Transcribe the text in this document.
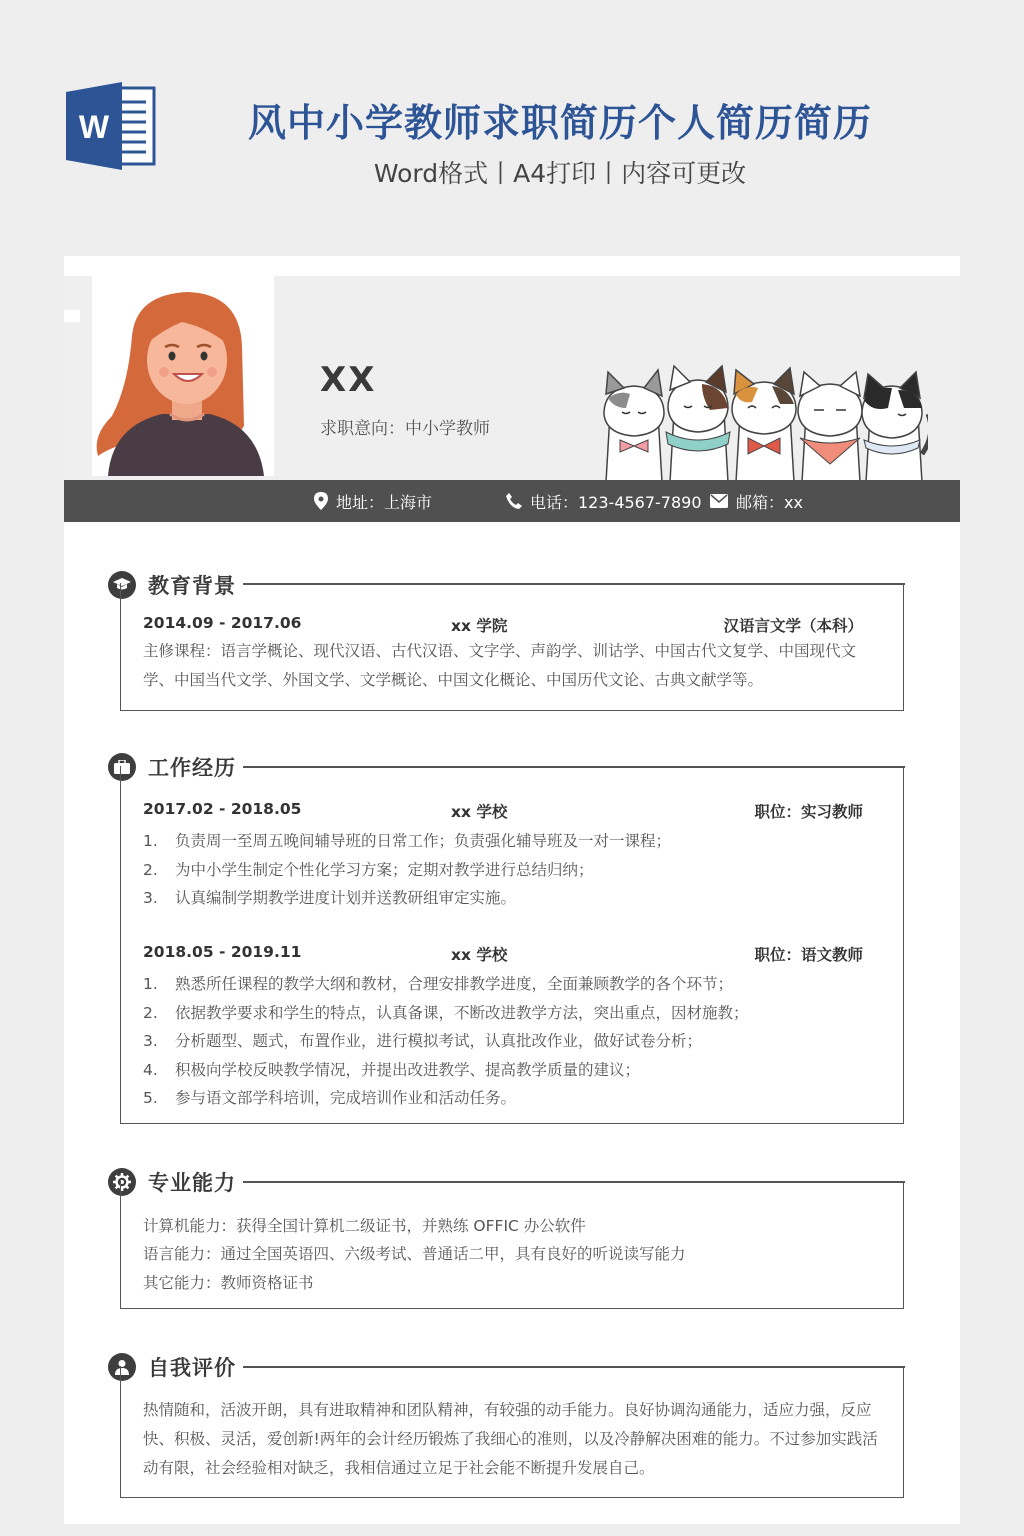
W	风中小学教师求职简历个人简历简历
Word格式丨A4打印丨内容可更改
XX
求职意向：中小学教师
地址：上海市	电话：123-4567-7890 邮箱：xx
教育背景
2014.09 - 2017.06	xx 学院	汉语言文学（本科）
主修课程：语言学概论、现代汉语、古代汉语、文字学、声韵学、训诂学、中国古代文复学、中国现代文学、中国当代文学、外国文学、文学概论、中国文化概论、中国历代文论、古典文献学等。
工作经历
2017.02 - 2018.05	xx 学校	职位：实习教师
1. 负责周一至周五晚间辅导班的日常工作；负责强化辅导班及一对一课程；
2. 为中小学生制定个性化学习方案；定期对教学进行总结归纳；
3. 认真编制学期教学进度计划并送教研组审定实施。
2018.05 - 2019.11	xx 学校	职位：语文教师
1. 熟悉所任课程的教学大纲和教材，合理安排教学进度，全面兼顾教学的各个环节；
2. 依据教学要求和学生的特点，认真备课，不断改进教学方法，突出重点，因材施教；
3. 分析题型、题式，布置作业，进行模拟考试，认真批改作业，做好试卷分析；
4. 积极向学校反映教学情况，并提出改进教学、提高教学质量的建议；
5. 参与语文部学科培训，完成培训作业和活动任务。
专业能力
计算机能力：获得全国计算机二级证书，并熟练 OFFIC 办公软件
语言能力：通过全国英语四、六级考试、普通话二甲，具有良好的听说读写能力
其它能力：教师资格证书
自我评价
热情随和，活波开朗，具有进取精神和团队精神，有较强的动手能力。良好协调沟通能力，适应力强，反应快、积极、灵活，爱创新!两年的会计经历锻炼了我细心的准则，以及冷静解决困难的能力。不过参加实践活动有限，社会经验相对缺乏，我相信通过立足于社会能不断提升发展自己。
